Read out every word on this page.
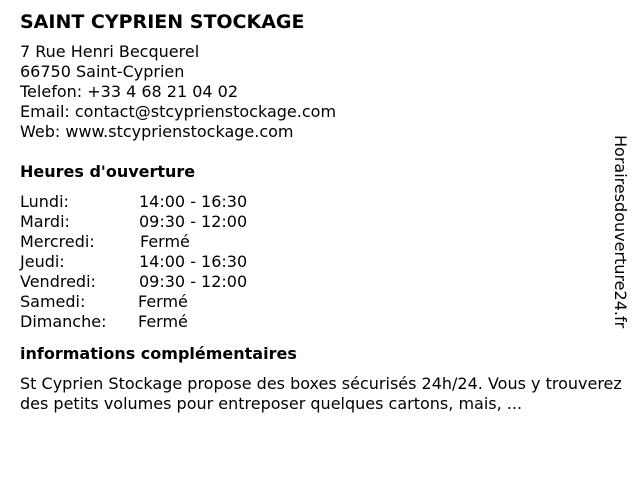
SAINT CYPRIEN STOCKAGE
7 Rue Henri Becquerel
66750 Saint-Cyprien
Telefon: +33 4 68 21 04 02
Email: contact@stcyprienstockage.com
Web: www.stcyprienstockage.com
Heures d'ouverture
Lundi:	14:00 - 16:30
Mardi:	09:30 - 12:00
Mercredi:	Fermé
Jeudi:	14:00 - 16:30
Vendredi:	09:30 - 12:00
Samedi:	Fermé
Dimanche:	Fermé
informations complémentaires
St Cyprien Stockage propose des boxes sécurisés 24h/24. Vous y trouverez des petits volumes pour entreposer quelques cartons, mais, ...
Horairesdouverture24.fr
